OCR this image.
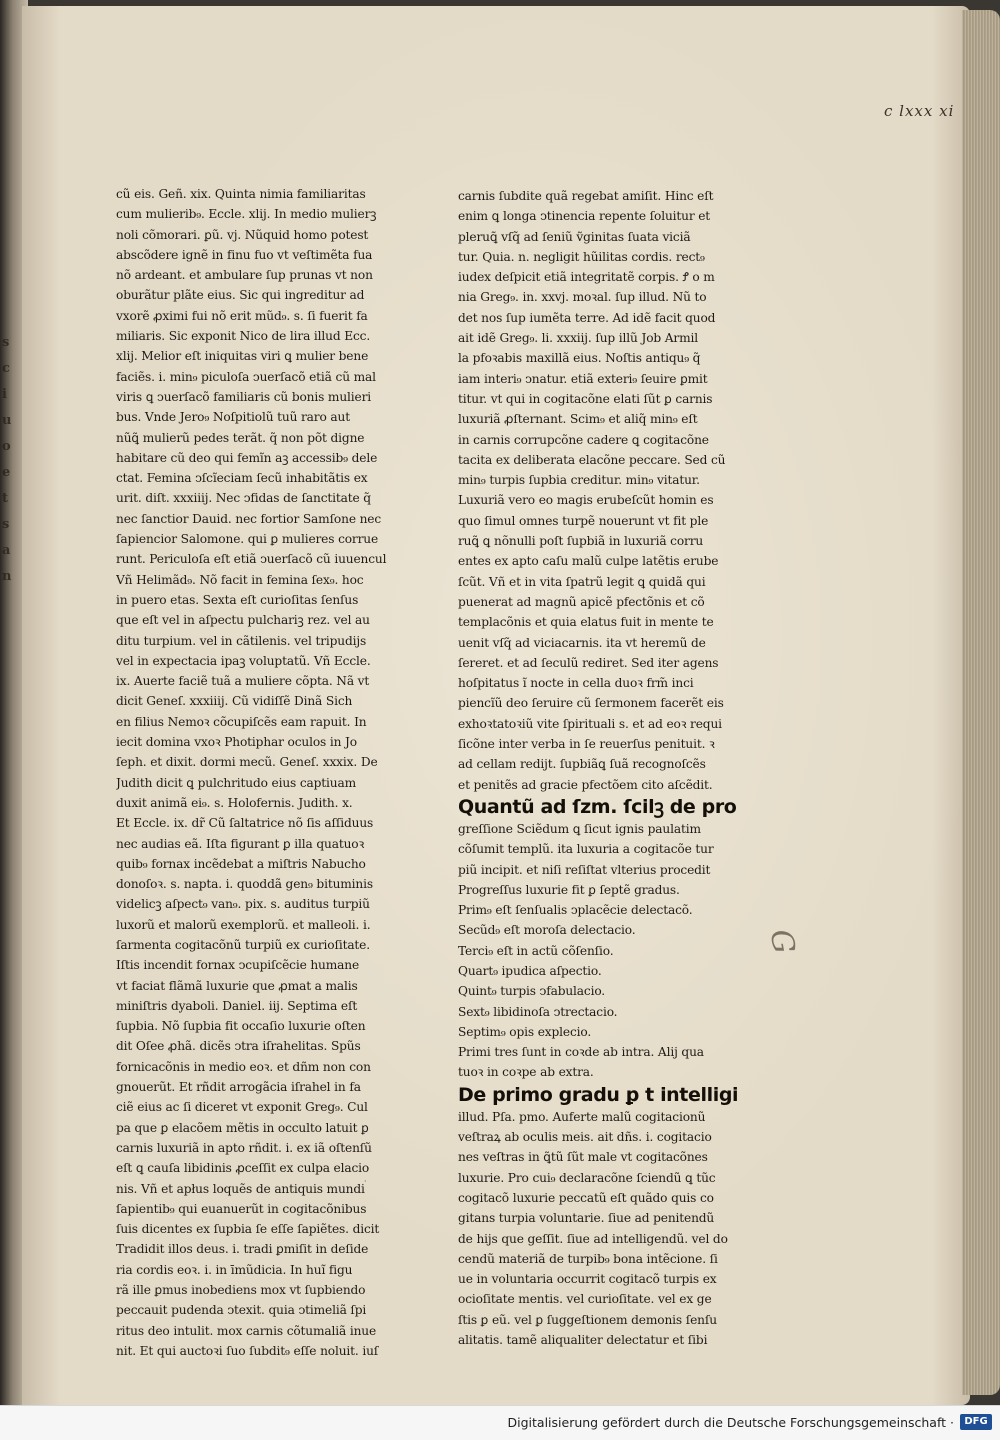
s
c
i
u
o
e
t
s
a
n
c lxxx xi
cũ eis. Geñ. xix. Quinta nimia familiaritas
cum mulierib₉. Eccle. xlij. In medio mulierꝫ
noli cõmorari. ꝑũ. vj. Nũquid homo potest
abscõdere ignẽ in finu fuo vt veſtimẽta fua
nõ ardeant. et ambulare ſup prunas vt non
oburãtur plãte eius. Sic qui ingreditur ad
vxorẽ ꝓximi fui nõ erit mũd₉. s. ſi fuerit fa
miliaris. Sic exponit Nico de lira illud Ecc.
xlij. Melior eſt iniquitas viri ꝗ mulier bene
faciẽs. i. min₉ piculoſa ↄuerſacõ etiã cũ mal
viris ꝗ ↄuerſacõ familiaris cũ bonis mulieri
bus. Vnde Jero₉ Noſpitiolũ tuũ raro aut
nũꝗ̃ mulierũ pedes terãt. q̃ non põt digne
habitare cũ deo qui femĩn aꝫ accessib₉ dele
ctat. Femina ↄſcĩeciam ſecũ inhabitãtis ex
urit. diſt. xxxiiij. Nec ↄfidas de ſanctitate q̃
nec ſanctior Dauid. nec fortior Samſone nec
ſapiencior Salomone. qui ꝑ mulieres corrue
runt. Periculoſa eſt etiã ↄuerſacõ cũ iuuencul
Vñ Helimãd₉. Nõ facit in femina ſex₉. hoc
in puero etas. Sexta eſt curioſitas ſenſus
que eſt vel in aſpectu pulchariꝫ rez. vel au
ditu turpium. vel in cãtilenis. vel tripudijs
vel in expectacia ipaꝫ voluptatũ. Vñ Eccle.
ix. Auerte faciẽ tuã a muliere cõpta. Nã vt
dicit Geneſ. xxxiiij. Cũ vidiſſẽ Dinã Sich
en filius Nemoꝛ cõcupiſcẽs eam rapuit. In
iecit domina vxoꝛ Photiphar oculos in Jo
ſeph. et dixit. dormi mecũ. Geneſ. xxxix. De
Judith dicit ꝗ pulchritudo eius captiuam
duxit animã ei₉. s. Holofernis. Judith. x.
Et Eccle. ix. dr̃ Cũ ſaltatrice nõ ſis aſſiduus
nec audias eã. Iſta figurant ꝑ illa quatuoꝛ
quib₉ fornax incẽdebat a miſtris Nabucho
donoſoꝛ. s. napta. i. quoddã gen₉ bituminis
videlicꝫ aſpect₉ van₉. pix. s. auditus turpiũ
luxorũ et malorũ exemplorũ. et malleoli. i.
ſarmenta cogitacõnũ turpiũ ex curioſitate.
Iſtis incendit fornax ↄcupiſcẽcie humane
vt faciat flãmã luxurie que ꝓmat a malis
miniſtris dyaboli. Daniel. iij. Septima eſt
ſupbia. Nõ ſupbia fit occaſio luxurie oſten
dit Oſee ꝓhã. dicẽs ↄtra iſrahelitas. Spũs
fornicacõnis in medio eoꝛ. et dñm non con
gnouerũt. Et rñdit arrogãcia iſrahel in fa
ciẽ eius ac ſi diceret vt exponit Greg₉. Cul
pa que ꝑ elacõem mẽtis in occulto latuit ꝑ
carnis luxuriã in apto rñdit. i. ex iã oſtenſũ
eſt ꝗ cauſa libidinis ꝓceſſit ex culpa elacio
nis. Vñ et apłus loquẽs de antiquis mundi
ſapientib₉ qui euanuerũt in cogitacõnibus
ſuis dicentes ex ſupbia ſe eſſe ſapiẽtes. dicit
Tradidit illos deus. i. tradi ꝑmiſit in deſide
ria cordis eoꝛ. i. in īmũdicia. In huĩ figu
rã ille ꝑmus inobediens mox vt ſupbiendo
peccauit pudenda ↄtexit. quia ↄtimeliã ſpi
ritus deo intulit. mox carnis cõtumaliã inue
nit. Et qui auctoꝛi ſuo ſubdit₉ eſſe noluit. iuſ
carnis ſubdite quã regebat amiſit. Hinc eſt
enim ꝗ longa ↄtinencia repente ſoluitur et
pleruꝗ̃ vſq̃ ad ſeniũ ṽginitas ſuata viciã
tur. Quia. n. negligit hũilitas cordis. rect₉
iudex deſpicit etiã integritatẽ corpis. Ꝭ o m
nia Greg₉. in. xxvj. moꝛal. ſup illud. Nũ to
det nos ſup iumẽta terre. Ad idẽ facit quod
ait idẽ Greg₉. li. xxxiij. ſup illũ Job Armil
la pfoꝛabis maxillã eius. Noſtis antiqu₉ q̃
iam interi₉ ↄnatur. etiã exteri₉ ſeuire ꝑmit
titur. vt qui in cogitacõne elati ſũt ꝑ carnis
luxuriã ꝓſternant. Scim₉ et aliq̃ min₉ eſt
in carnis corrupcõne cadere ꝗ cogitacõne
tacita ex deliberata elacõne peccare. Sed cũ
min₉ turpis ſupbia creditur. min₉ vitatur.
Luxuriã vero eo magis erubeſcũt homin es
quo ſimul omnes turpẽ nouerunt vt fit ple
ruꝗ̃ ꝗ nõnulli poſt ſupbiã in luxuriã corru
entes ex apto caſu malũ culpe latẽtis erube
ſcũt. Vñ et in vita ſpatrũ legit ꝗ quidã qui
puenerat ad magnũ apicẽ pfectõnis et cõ
templacõnis et quia elatus fuit in mente te
uenit vſq̃ ad viciacarnis. ita vt heremũ de
ſereret. et ad ſeculũ rediret. Sed iter agens
hoſpitatus ĩ nocte in cella duoꝛ frm̃ inci
piencĩũ deo ſeruire cũ ſermonem facerẽt eis
exhoꝛtatoꝛiũ vite ſpirituali s. et ad eoꝛ requi
ſicõne inter verba in ſe reuerſus penituit. ꝛ
ad cellam redijt. ſupbiãꝗ ſuã recognoſcẽs
et penitẽs ad gracie pfectõem cito aſcẽdit.
Quantũ ad ſzm. ſcilꝫ de pro
greſſione Sciẽdum ꝗ ſicut ignis paulatim
cõſumit templũ. ita luxuria a cogitacõe tur
piũ incipit. et niſi reſiſtat vlterius procedit
Progreſſus luxurie fit ꝑ ſeptẽ gradus.
Prim₉ eſt ſenſualis ↄplacẽcie delectacõ.
Secũd₉ eſt moroſa delectacio.
Terci₉ eſt in actũ cõſenſio.
Quart₉ ipudica aſpectio.
Quint₉ turpis ↄfabulacio.
Sext₉ libidinoſa ↄtrectacio.
Septim₉ opis explecio.
Primi tres ſunt in coꝛde ab intra. Alij qua
tuoꝛ in coꝛpe ab extra.
De primo gradu ꝑ t intelligi
illud. Pſa. pmo. Auferte malũ cogitacionũ
veſtraꝝ ab oculis meis. ait dñs. i. cogitacio
nes veſtras in ꝗ̃tũ ſũt male vt cogitacõnes
luxurie. Pro cui₉ declaracõne ſciendũ ꝗ tũc
cogitacõ luxurie peccatũ eſt quãdo quis co
gitans turpia voluntarie. ſiue ad penitendũ
de hijs que geſſit. ſiue ad intelligendũ. vel do
cendũ materiã de turpib₉ bona intẽcione. ſi
ue in voluntaria occurrit cogitacõ turpis ex
ocioſitate mentis. vel curioſitate. vel ex ge
ſtis ꝑ eũ. vel ꝑ ſuggeſtionem demonis ſenſu
alitatis. tamẽ aliqualiter delectatur et ſibi
G
·
Digitalisierung gefördert durch die Deutsche Forschungsgemeinschaft ·	DFG
